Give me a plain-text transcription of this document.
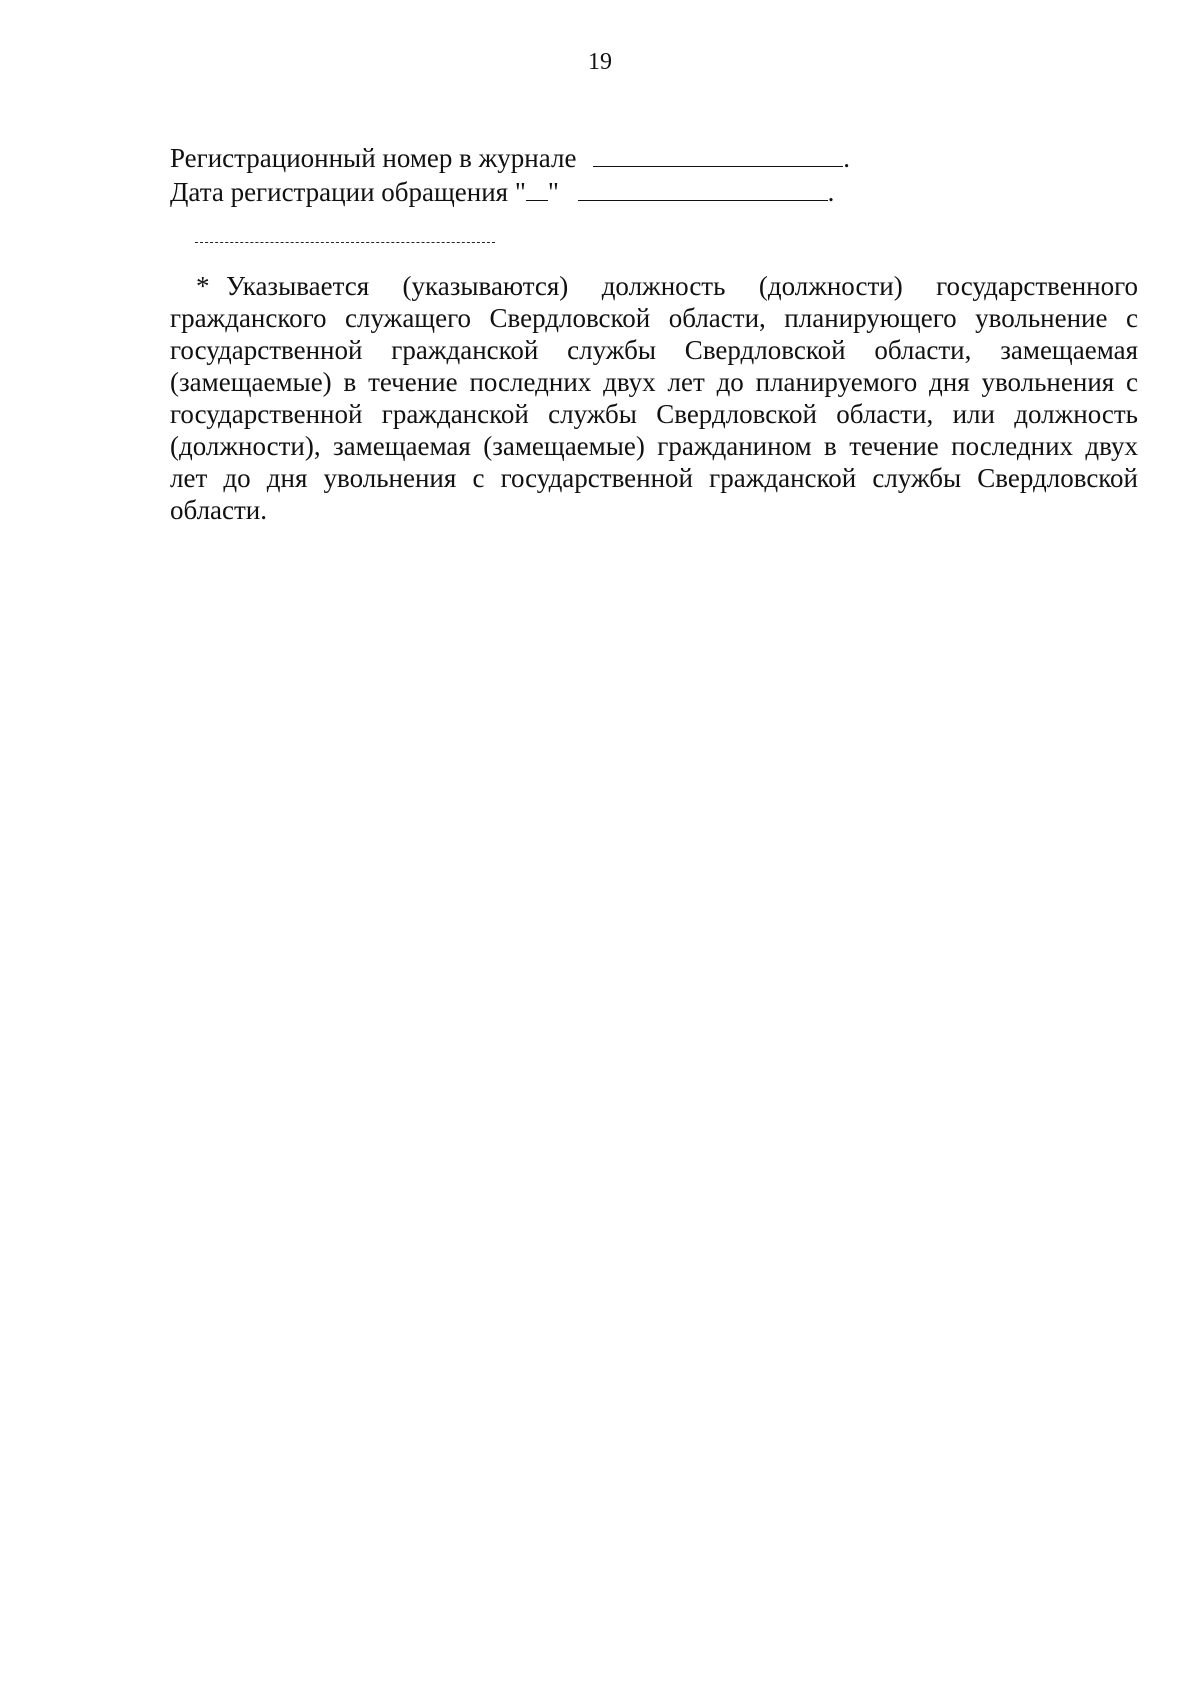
19
Регистрационный номер в журнале	.
Дата регистрации обращения " "	.
* Указывается (указываются) должность (должности) государственного гражданского служащего Свердловской области, планирующего увольнение с государственной гражданской службы Свердловской области, замещаемая (замещаемые) в течение последних двух лет до планируемого дня увольнения с государственной гражданской службы Свердловской области, или должность (должности), замещаемая (замещаемые) гражданином в течение последних двух лет до дня увольнения с государственной гражданской службы Свердловской области.
